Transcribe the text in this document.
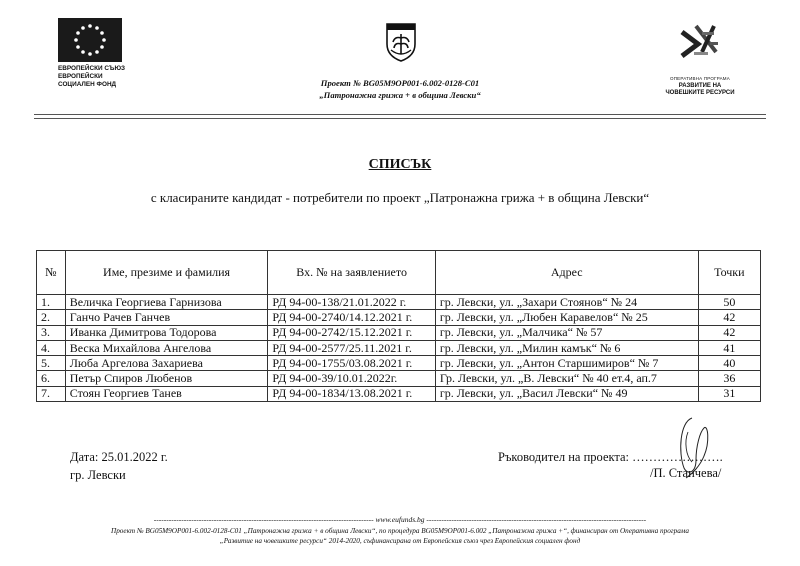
ЕВРОПЕЙСКИ СЪЮЗ
ЕВРОПЕЙСКИ
СОЦИАЛЕН ФОНД
ЛЕВСКИ
Проект № BG05M9OP001-6.002-0128-C01
„Патронажна грижа + в община Левски“
ОПЕРАТИВНА ПРОГРАМА
РАЗВИТИЕ НА
ЧОВЕШКИТЕ РЕСУРСИ
СПИСЪК
с класираните кандидат - потребители по проект „Патронажна грижа + в община Левски“
№	Име, презиме и фамилия	Вх. № на заявлението	Адрес	Точки
1.	Величка Георгиева Гарнизова	РД 94-00-138/21.01.2022 г.	гр. Левски, ул. „Захари Стоянов“ № 24	50
2.	Ганчо Рачев Ганчев	РД 94-00-2740/14.12.2021 г.	гр. Левски, ул. „Любен Каравелов“ № 25	42
3.	Иванка Димитрова Тодорова	РД 94-00-2742/15.12.2021 г.	гр. Левски, ул. „Малчика“ № 57	42
4.	Веска Михайлова Ангелова	РД 94-00-2577/25.11.2021 г.	гр. Левски, ул. „Милин камък“ № 6	41
5.	Люба Аргелова Захариева	РД 94-00-1755/03.08.2021 г.	гр. Левски, ул. „Антон Старшимиров“ № 7	40
6.	Петър Спиров Любенов	РД 94-00-39/10.01.2022г.	Гр. Левски, ул. „В. Левски“ № 40 ет.4, ап.7	36
7.	Стоян Георгиев Танев	РД 94-00-1834/13.08.2021 г.	гр. Левски, ул. „Васил Левски“ № 49	31
Дата: 25.01.2022 г.
гр. Левски
Ръководител на проекта: ………………….
/П. Станчева/
---------------------------------------------------------------------------------------- www.eufunds.bg ----------------------------------------------------------------------------------------
Проект № BG05M9OP001-6.002-0128-C01 „Патронажна грижа + в община Левски“, по процедура BG05M9OP001-6.002 „Патронажна грижа +“, финансиран от Оперативна програма
„Развитие на човешките ресурси“ 2014-2020, съфинансирана от Европейския съюз чрез Европейския социален фонд
